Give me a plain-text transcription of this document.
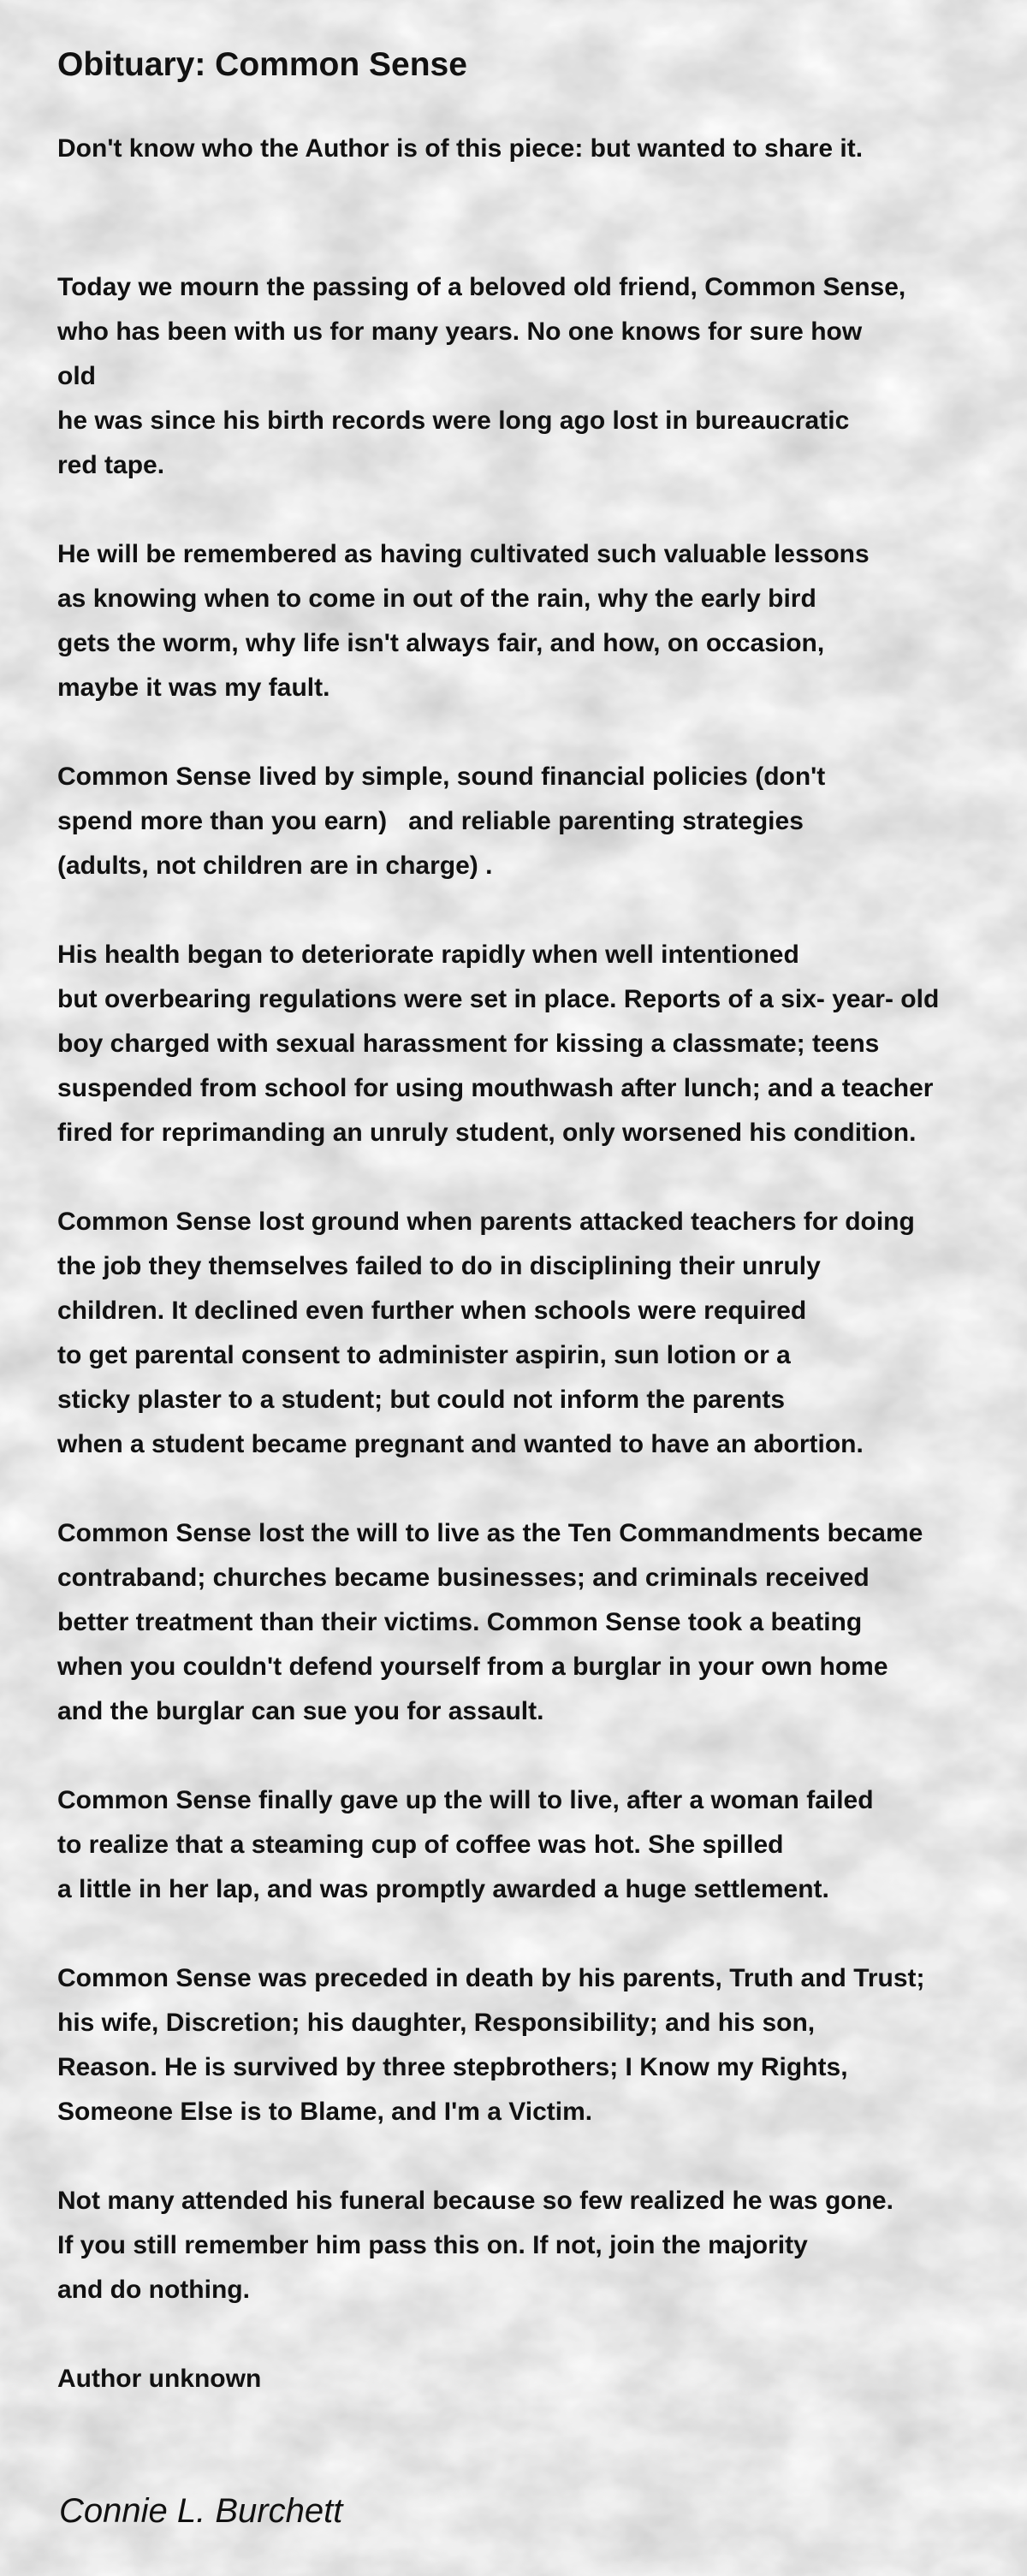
Obituary: Common Sense

Don't know who the Author is of this piece: but wanted to share it.

Today we mourn the passing of a beloved old friend, Common Sense,
who has been with us for many years. No one knows for sure how
old
he was since his birth records were long ago lost in bureaucratic
red tape.

He will be remembered as having cultivated such valuable lessons
as knowing when to come in out of the rain, why the early bird
gets the worm, why life isn't always fair, and how, on occasion,
maybe it was my fault.

Common Sense lived by simple, sound financial policies (don't
spend more than you earn)   and reliable parenting strategies
(adults, not children are in charge) .

His health began to deteriorate rapidly when well intentioned
but overbearing regulations were set in place. Reports of a six- year- old
boy charged with sexual harassment for kissing a classmate; teens
suspended from school for using mouthwash after lunch; and a teacher
fired for reprimanding an unruly student, only worsened his condition.

Common Sense lost ground when parents attacked teachers for doing
the job they themselves failed to do in disciplining their unruly
children. It declined even further when schools were required
to get parental consent to administer aspirin, sun lotion or a
sticky plaster to a student; but could not inform the parents
when a student became pregnant and wanted to have an abortion.

Common Sense lost the will to live as the Ten Commandments became
contraband; churches became businesses; and criminals received
better treatment than their victims. Common Sense took a beating
when you couldn't defend yourself from a burglar in your own home
and the burglar can sue you for assault.

Common Sense finally gave up the will to live, after a woman failed
to realize that a steaming cup of coffee was hot. She spilled
a little in her lap, and was promptly awarded a huge settlement.

Common Sense was preceded in death by his parents, Truth and Trust;
his wife, Discretion; his daughter, Responsibility; and his son,
Reason. He is survived by three stepbrothers; I Know my Rights,
Someone Else is to Blame, and I'm a Victim.

Not many attended his funeral because so few realized he was gone.
If you still remember him pass this on. If not, join the majority
and do nothing.

Author unknown

Connie L. Burchett
